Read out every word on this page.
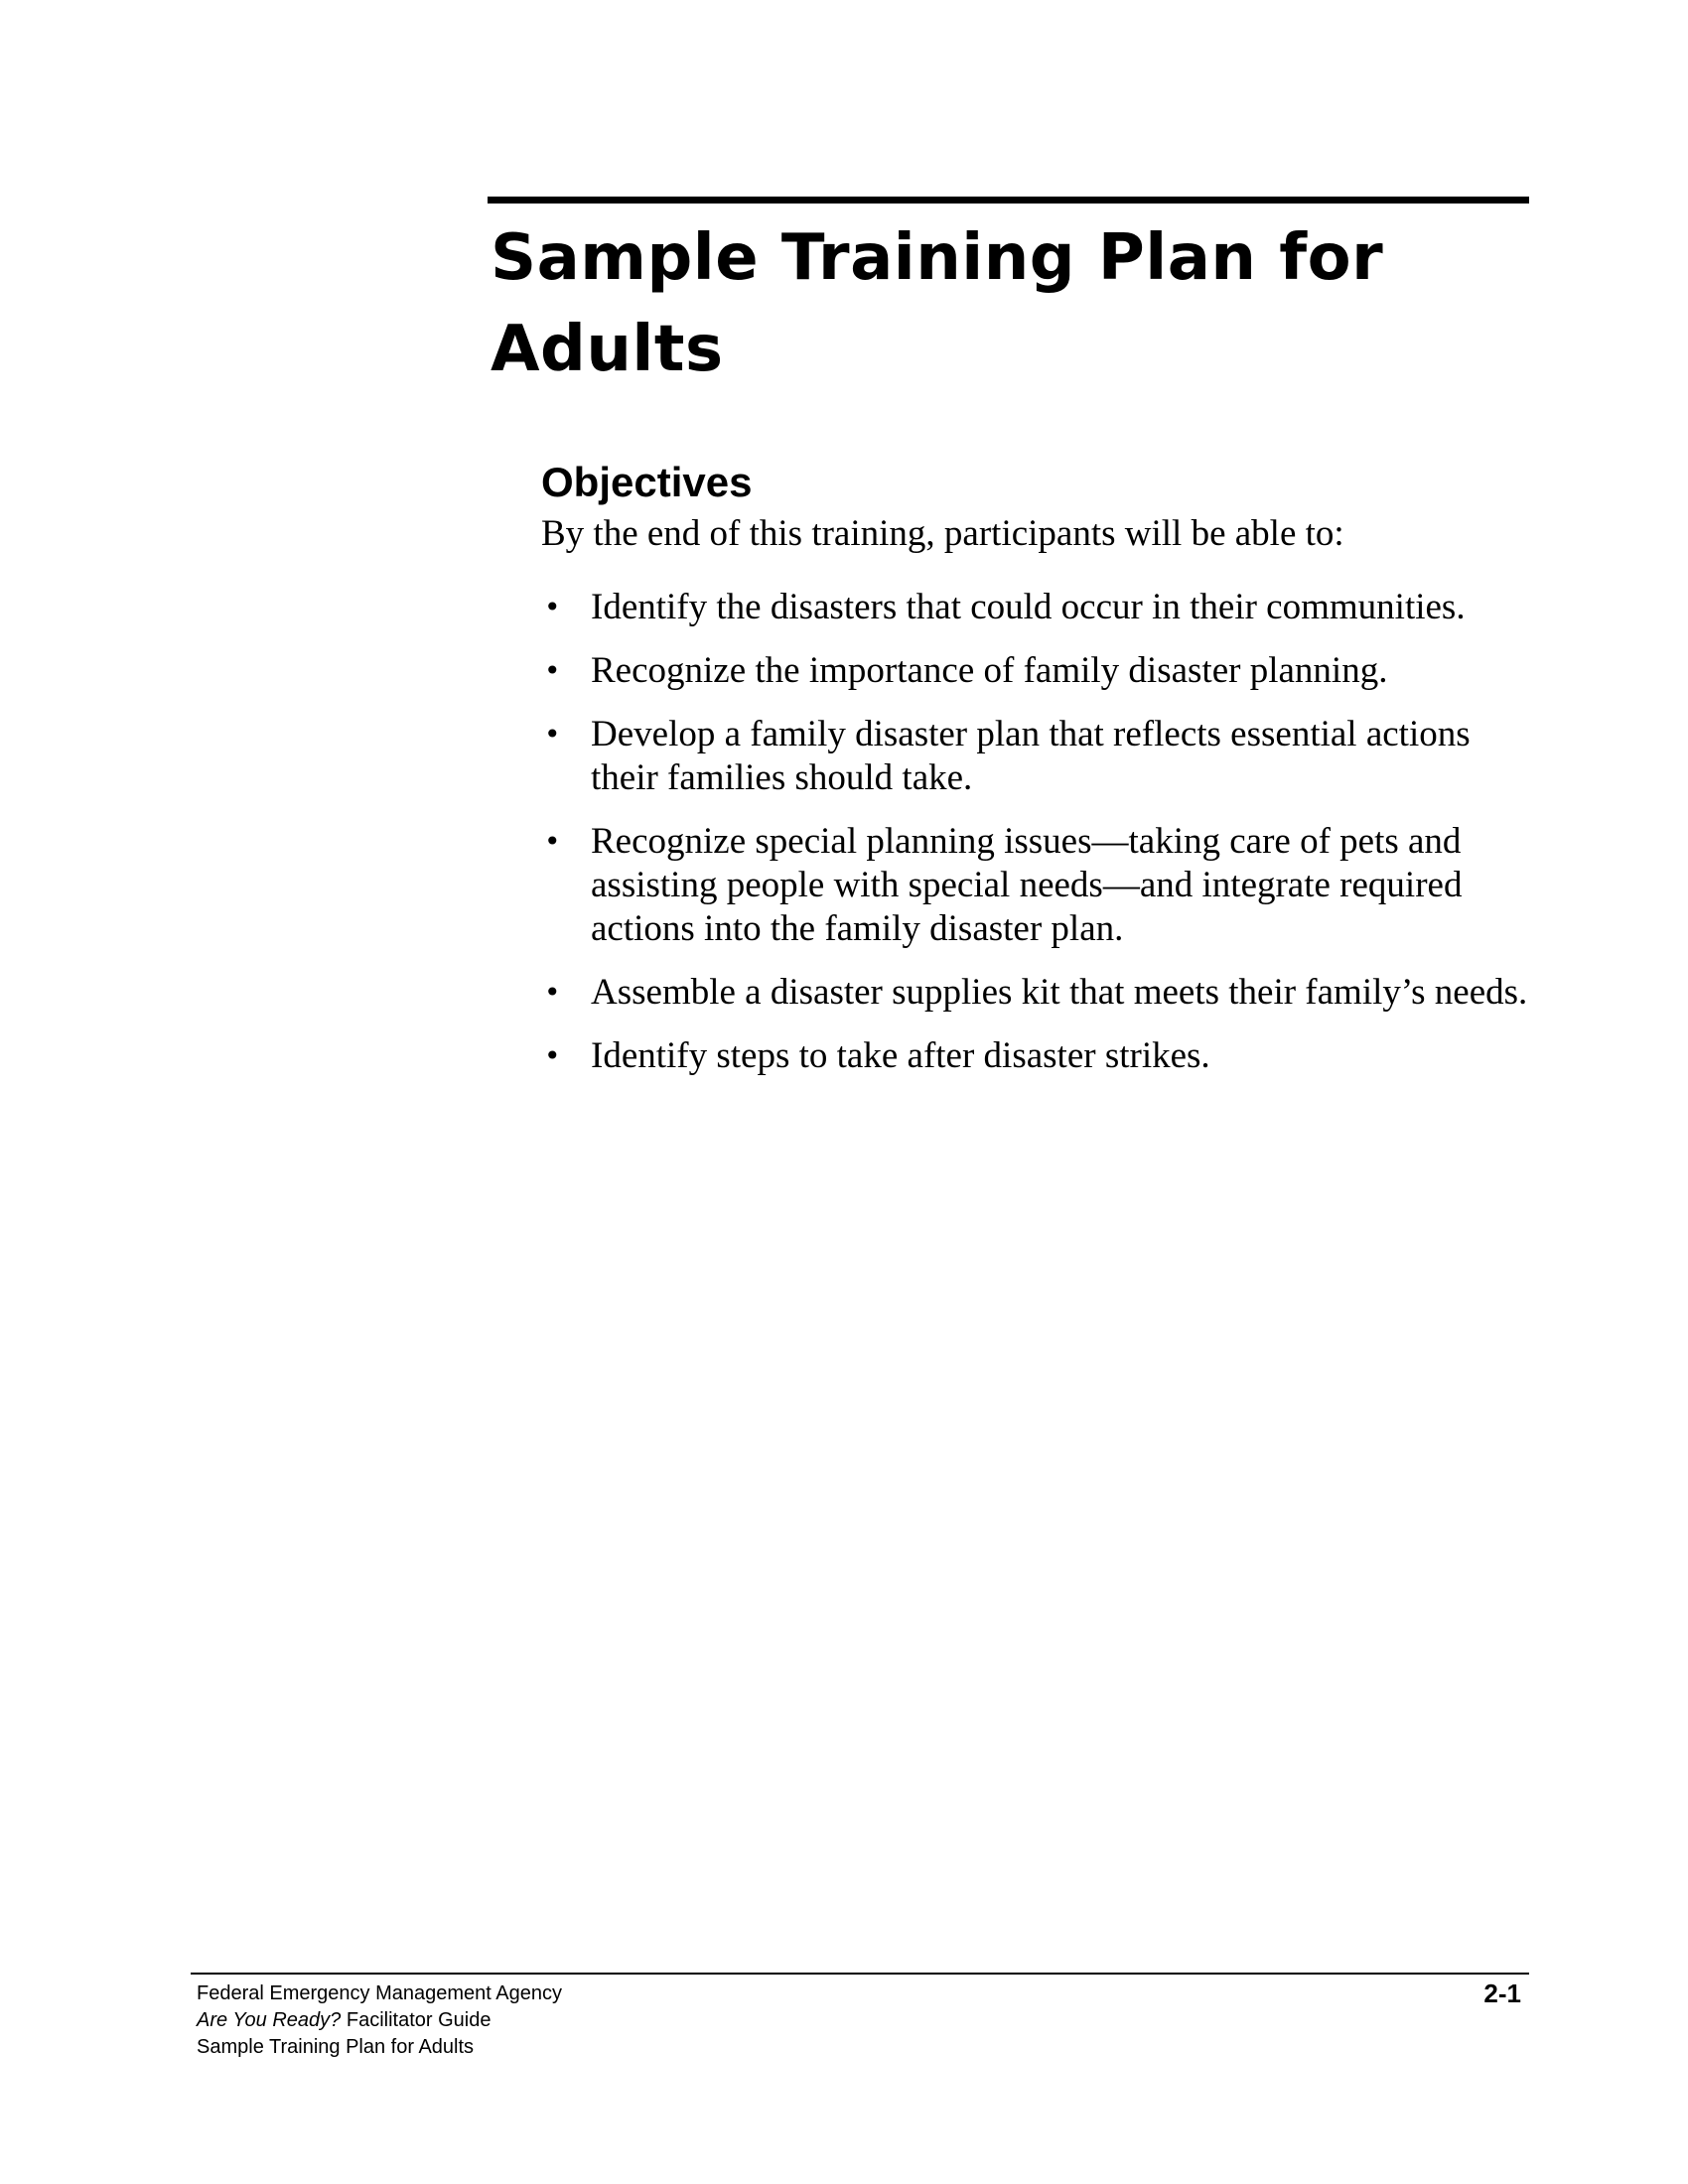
Sample Training Plan for Adults
Objectives

By the end of this training, participants will be able to:

• Identify the disasters that could occur in their communities.
• Recognize the importance of family disaster planning.
• Develop a family disaster plan that reflects essential actions their families should take.
• Recognize special planning issues—taking care of pets and assisting people with special needs—and integrate required actions into the family disaster plan.
• Assemble a disaster supplies kit that meets their family’s needs.
• Identify steps to take after disaster strikes.
Federal Emergency Management Agency
Are You Ready? Facilitator Guide
Sample Training Plan for Adults
2-1
